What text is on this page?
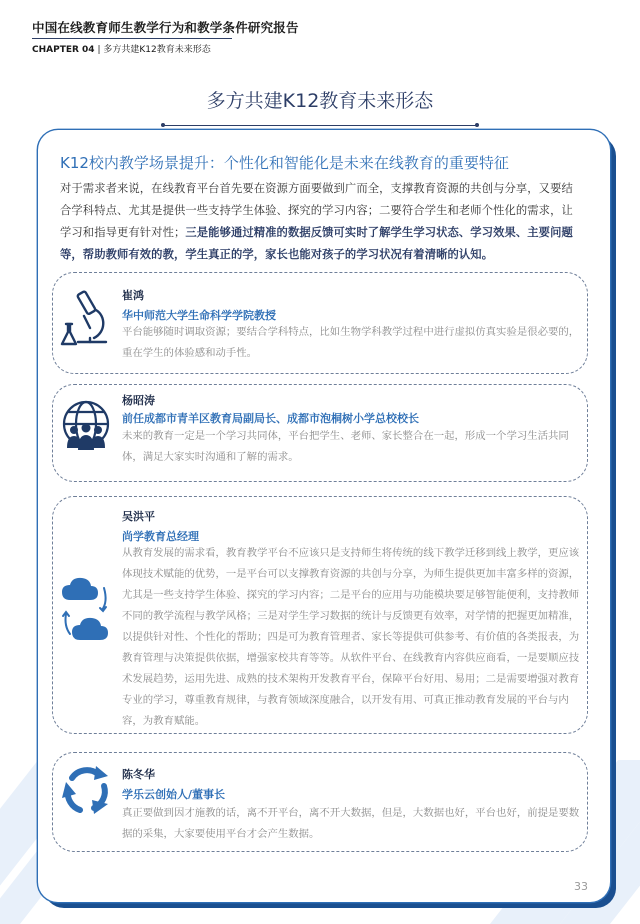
中国在线教育师生教学行为和教学条件研究报告
CHAPTER 04 | 多方共建K12教育未来形态
多方共建K12教育未来形态
K12校内教学场景提升：个性化和智能化是未来在线教育的重要特征
对于需求者来说，在线教育平台首先要在资源方面要做到广而全，支撑教育资源的共创与分享，又要结合学科特点、尤其是提供一些支持学生体验、探究的学习内容；二要符合学生和老师个性化的需求，让学习和指导更有针对性；三是能够通过精准的数据反馈可实时了解学生学习状态、学习效果、主要问题等，帮助教师有效的教，学生真正的学，家长也能对孩子的学习状况有着清晰的认知。
崔鸿
华中师范大学生命科学学院教授
平台能够随时调取资源；要结合学科特点，比如生物学科教学过程中进行虚拟仿真实验是很必要的，重在学生的体验感和动手性。
杨昭涛
前任成都市青羊区教育局副局长、成都市泡桐树小学总校校长
未来的教育一定是一个学习共同体，平台把学生、老师、家长整合在一起，形成一个学习生活共同体，满足大家实时沟通和了解的需求。
吴洪平
尚学教育总经理
从教育发展的需求看，教育教学平台不应该只是支持师生将传统的线下教学迁移到线上教学，更应该体现技术赋能的优势，一是平台可以支撑教育资源的共创与分享，为师生提供更加丰富多样的资源，尤其是一些支持学生体验、探究的学习内容；二是平台的应用与功能模块要足够智能便利，支持教师不同的教学流程与教学风格；三是对学生学习数据的统计与反馈更有效率，对学情的把握更加精准，以提供针对性、个性化的帮助；四是可为教育管理者、家长等提供可供参考、有价值的各类报表，为教育管理与决策提供依据，增强家校共育等等。从软件平台、在线教育内容供应商看，一是要顺应技术发展趋势，运用先进、成熟的技术架构开发教育平台，保障平台好用、易用；二是需要增强对教育专业的学习，尊重教育规律，与教育领域深度融合，以开发有用、可真正推动教育发展的平台与内容，为教育赋能。
陈冬华
学乐云创始人/董事长
真正要做到因才施教的话，离不开平台，离不开大数据，但是，大数据也好，平台也好，前提是要数据的采集，大家要使用平台才会产生数据。
33
